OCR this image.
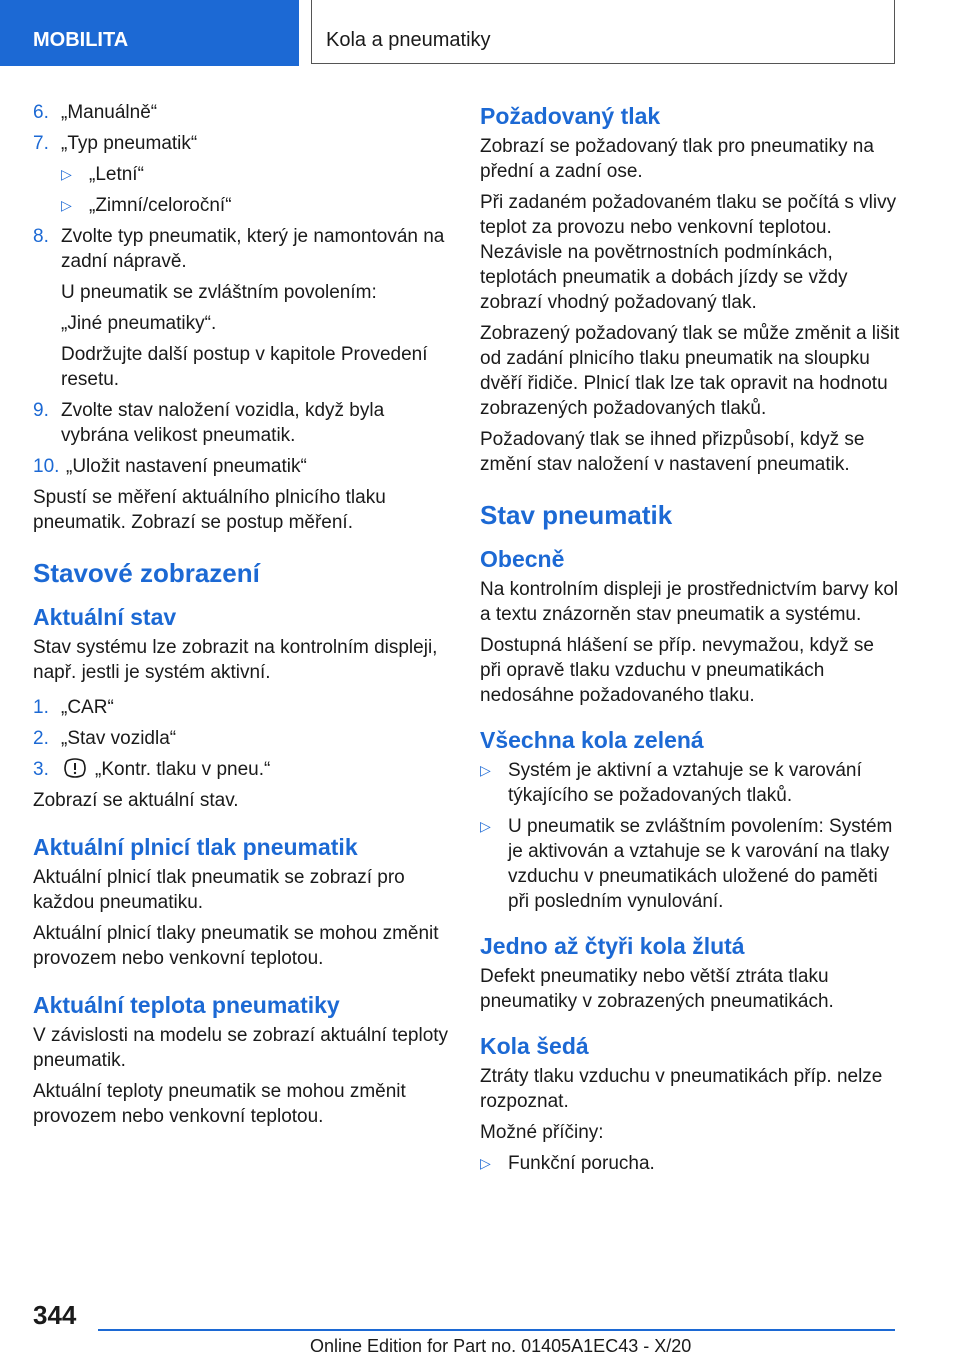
MOBILITA	Kola a pneumatiky
6. „Manuálně“
7. „Typ pneumatik“
▷ „Letní“
▷ „Zimní/celoroční“
8. Zvolte typ pneumatik, který je namontován na zadní nápravě.
U pneumatik se zvláštním povolením:
„Jiné pneumatiky“.
Dodržujte další postup v kapitole Provedení resetu.
9. Zvolte stav naložení vozidla, když byla vybrána velikost pneumatik.
10. „Uložit nastavení pneumatik“

Spustí se měření aktuálního plnicího tlaku pneumatik. Zobrazí se postup měření.

Stavové zobrazení
Aktuální stav

Stav systému lze zobrazit na kontrolním displeji, např. jestli je systém aktivní.

1. „CAR“
2. „Stav vozidla“
3.	„Kontr. tlaku v pneu.“

Zobrazí se aktuální stav.

Aktuální plnicí tlak pneumatik

Aktuální plnicí tlak pneumatik se zobrazí pro každou pneumatiku.

Aktuální plnicí tlaky pneumatik se mohou změnit provozem nebo venkovní teplotou.

Aktuální teplota pneumatiky

V závislosti na modelu se zobrazí aktuální teploty pneumatik.

Aktuální teploty pneumatik se mohou změnit provozem nebo venkovní teplotou.

Požadovaný tlak

Zobrazí se požadovaný tlak pro pneumatiky na přední a zadní ose.

Při zadaném požadovaném tlaku se počítá s vlivy teplot za provozu nebo venkovní teplotou. Nezávisle na povětrnostních podmínkách, teplotách pneumatik a dobách jízdy se vždy zobrazí vhodný požadovaný tlak.

Zobrazený požadovaný tlak se může změnit a lišit od zadání plnicího tlaku pneumatik na sloupku dvěří řidiče. Plnicí tlak lze tak opravit na hodnotu zobrazených požadovaných tlaků.

Požadovaný tlak se ihned přizpůsobí, když se změní stav naložení v nastavení pneumatik.

Stav pneumatik
Obecně

Na kontrolním displeji je prostřednictvím barvy kol a textu znázorněn stav pneumatik a systému.

Dostupná hlášení se příp. nevymažou, když se při opravě tlaku vzduchu v pneumatikách nedosáhne požadovaného tlaku.

Všechna kola zelená
▷ Systém je aktivní a vztahuje se k varování týkajícího se požadovaných tlaků.
▷ U pneumatik se zvláštním povolením: Systém je aktivován a vztahuje se k varování na tlaky vzduchu v pneumatikách uložené do paměti při posledním vynulování.
Jedno až čtyři kola žlutá

Defekt pneumatiky nebo větší ztráta tlaku pneumatiky v zobrazených pneumatikách.

Kola šedá

Ztráty tlaku vzduchu v pneumatikách příp. nelze rozpoznat.

Možné příčiny:

▷ Funkční porucha.
344
Online Edition for Part no. 01405A1EC43 - X/20
